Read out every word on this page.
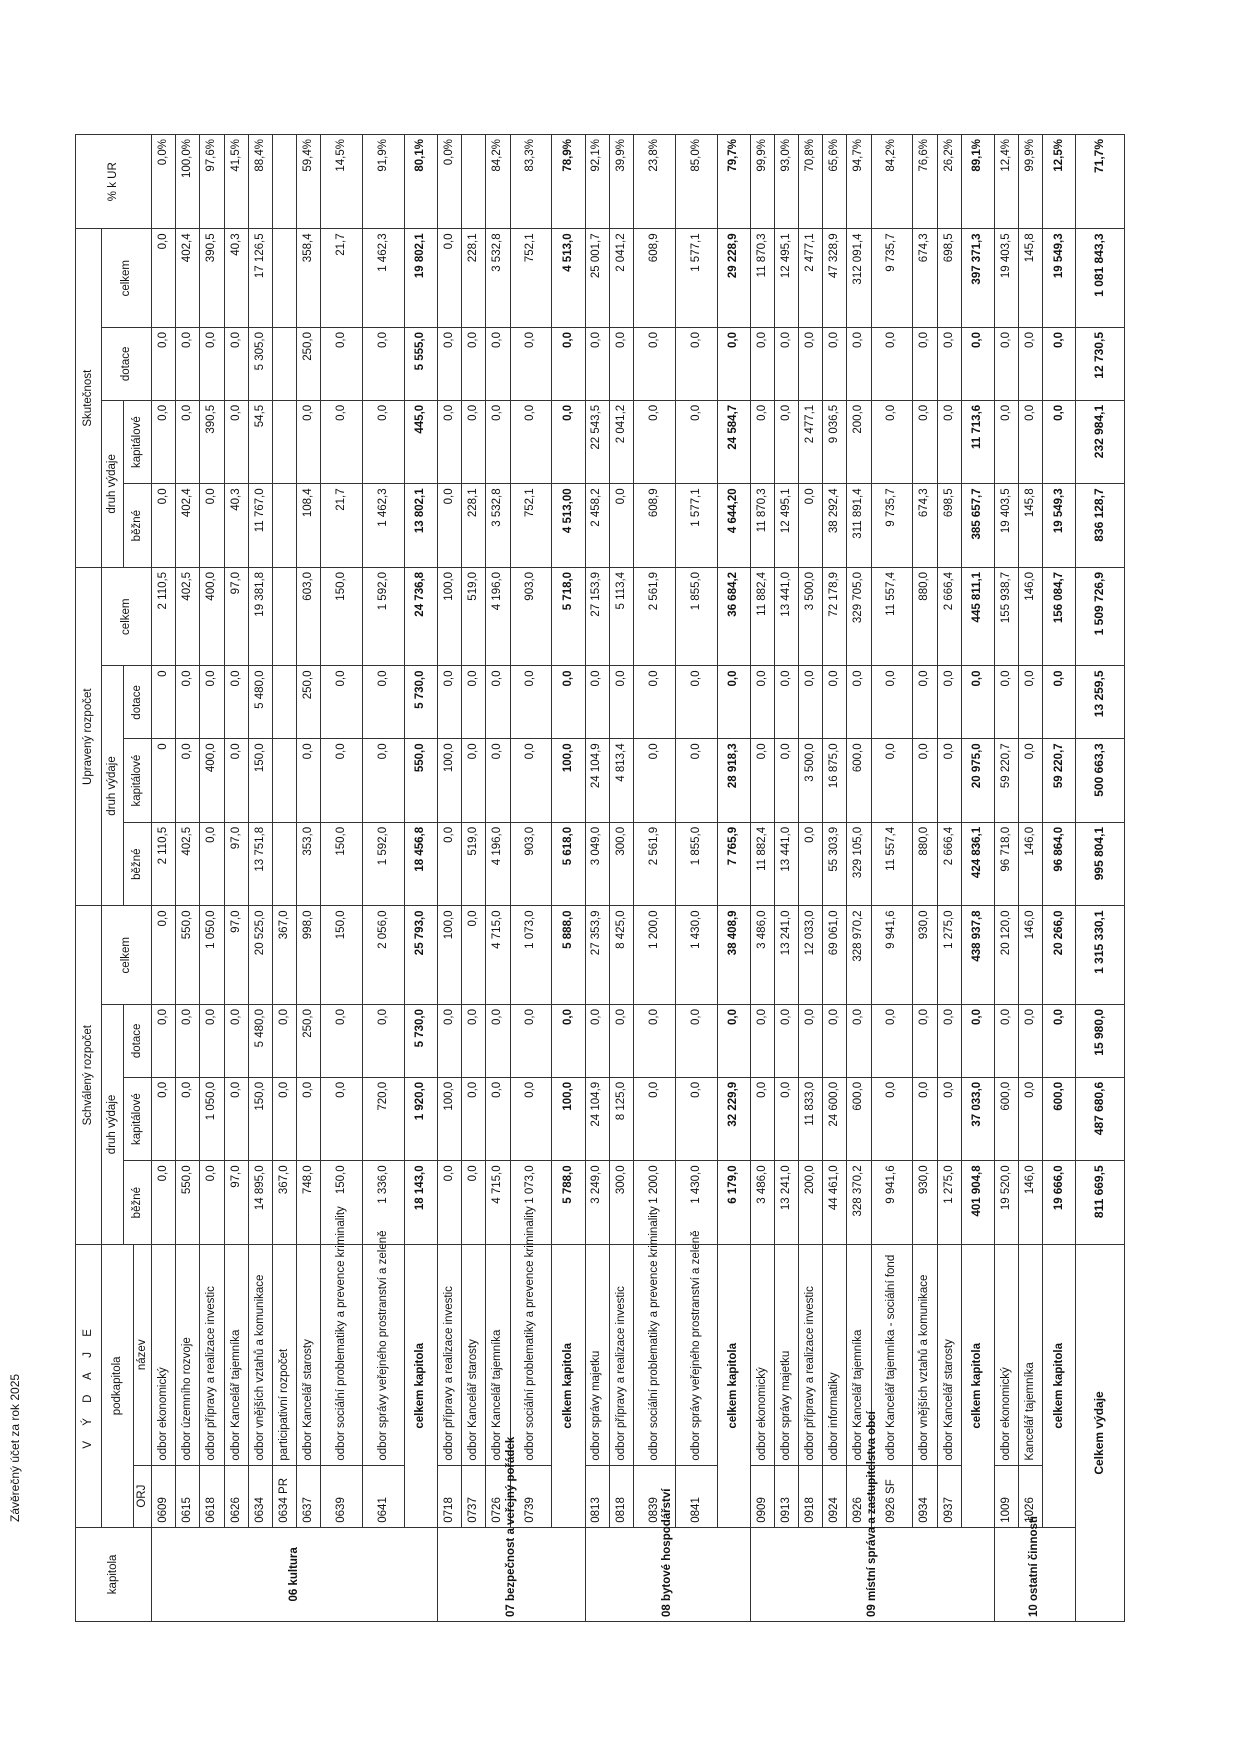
kapitola	V Ý D A J E		Schválený rozpočet				Upravený rozpočet				Skutečnost				% k UR
	podkapitola		druh výdaje			celkem	druh výdaje			celkem	druh výdaje		dotace	celkem	
			běžné	kapitálové	dotace		běžné	kapitálové	dotace		běžné	kapitálové			
	ORJ	název													
06 kultura	0609	odbor ekonomický	0,0	0,0	0,0	0,0	2 110,5	0	0	2 110,5	0,0	0,0	0,0	0,0	0,0%
	0615	odbor územního rozvoje	550,0	0,0	0,0	550,0	402,5	0,0	0,0	402,5	402,4	0,0	0,0	402,4	100,0%
	0618	odbor přípravy a realizace investic	0,0	1 050,0	0,0	1 050,0	0,0	400,0	0,0	400,0	0,0	390,5	0,0	390,5	97,6%
	0626	odbor Kancelář tajemníka	97,0	0,0	0,0	97,0	97,0	0,0	0,0	97,0	40,3	0,0	0,0	40,3	41,5%
	0634	odbor vnějších vztahů a komunikace	14 895,0	150,0	5 480,0	20 525,0	13 751,8	150,0	5 480,0	19 381,8	11 767,0	54,5	5 305,0	17 126,5	88,4%
	0634 PR	participativní rozpočet	367,0	0,0	0,0	367,0									
	0637	odbor Kancelář starosty	748,0	0,0	250,0	998,0	353,0	0,0	250,0	603,0	108,4	0,0	250,0	358,4	59,4%
	0639	odbor sociální problematiky a prevence kriminality	150,0	0,0	0,0	150,0	150,0	0,0	0,0	150,0	21,7	0,0	0,0	21,7	14,5%
	0641	odbor správy veřejného prostranství a zeleně	1 336,0	720,0	0,0	2 056,0	1 592,0	0,0	0,0	1 592,0	1 462,3	0,0	0,0	1 462,3	91,9%
	celkem kapitola		18 143,0	1 920,0	5 730,0	25 793,0	18 456,8	550,0	5 730,0	24 736,8	13 802,1	445,0	5 555,0	19 802,1	80,1%
07 bezpečnost a veřejný pořádek	0718	odbor přípravy a realizace investic	0,0	100,0	0,0	100,0	0,0	100,0	0,0	100,0	0,0	0,0	0,0	0,0	0,0%
	0737	odbor Kancelář starosty	0,0	0,0	0,0	0,0	519,0	0,0	0,0	519,0	228,1	0,0	0,0	228,1	
	0726	odbor Kancelář tajemníka	4 715,0	0,0	0,0	4 715,0	4 196,0	0,0	0,0	4 196,0	3 532,8	0,0	0,0	3 532,8	84,2%
	0739	odbor sociální problematiky a prevence kriminality	1 073,0	0,0	0,0	1 073,0	903,0	0,0	0,0	903,0	752,1	0,0	0,0	752,1	83,3%
	celkem kapitola		5 788,0	100,0	0,0	5 888,0	5 618,0	100,0	0,0	5 718,0	4 513,00	0,0	0,0	4 513,0	78,9%
08 bytové hospodářství	0813	odbor správy majetku	3 249,0	24 104,9	0,0	27 353,9	3 049,0	24 104,9	0,0	27 153,9	2 458,2	22 543,5	0,0	25 001,7	92,1%
	0818	odbor přípravy a realizace investic	300,0	8 125,0	0,0	8 425,0	300,0	4 813,4	0,0	5 113,4	0,0	2 041,2	0,0	2 041,2	39,9%
	0839	odbor sociální problematiky a prevence kriminality	1 200,0	0,0	0,0	1 200,0	2 561,9	0,0	0,0	2 561,9	608,9	0,0	0,0	608,9	23,8%
	0841	odbor správy veřejného prostranství a zeleně	1 430,0	0,0	0,0	1 430,0	1 855,0	0,0	0,0	1 855,0	1 577,1	0,0	0,0	1 577,1	85,0%
	celkem kapitola		6 179,0	32 229,9	0,0	38 408,9	7 765,9	28 918,3	0,0	36 684,2	4 644,20	24 584,7	0,0	29 228,9	79,7%
09 místní správa a zastupitelstva obcí	0909	odbor ekonomický	3 486,0	0,0	0,0	3 486,0	11 882,4	0,0	0,0	11 882,4	11 870,3	0,0	0,0	11 870,3	99,9%
	0913	odbor správy majetku	13 241,0	0,0	0,0	13 241,0	13 441,0	0,0	0,0	13 441,0	12 495,1	0,0	0,0	12 495,1	93,0%
	0918	odbor přípravy a realizace investic	200,0	11 833,0	0,0	12 033,0	0,0	3 500,0	0,0	3 500,0	0,0	2 477,1	0,0	2 477,1	70,8%
	0924	odbor informatiky	44 461,0	24 600,0	0,0	69 061,0	55 303,9	16 875,0	0,0	72 178,9	38 292,4	9 036,5	0,0	47 328,9	65,6%
	0926	odbor Kancelář tajemníka	328 370,2	600,0	0,0	328 970,2	329 105,0	600,0	0,0	329 705,0	311 891,4	200,0	0,0	312 091,4	94,7%
	0926 SF	odbor Kancelář tajemníka - sociální fond	9 941,6	0,0	0,0	9 941,6	11 557,4	0,0	0,0	11 557,4	9 735,7	0,0	0,0	9 735,7	84,2%
	0934	odbor vnějších vztahů a komunikace	930,0	0,0	0,0	930,0	880,0	0,0	0,0	880,0	674,3	0,0	0,0	674,3	76,6%
	0937	odbor Kancelář starosty	1 275,0	0,0	0,0	1 275,0	2 666,4	0,0	0,0	2 666,4	698,5	0,0	0,0	698,5	26,2%
	celkem kapitola		401 904,8	37 033,0	0,0	438 937,8	424 836,1	20 975,0	0,0	445 811,1	385 657,7	11 713,6	0,0	397 371,3	89,1%
10 ostatní činnosti	1009	odbor ekonomický	19 520,0	600,0	0,0	20 120,0	96 718,0	59 220,7	0,0	155 938,7	19 403,5	0,0	0,0	19 403,5	12,4%
	1026	Kancelář tajemníka	146,0	0,0	0,0	146,0	146,0	0,0	0,0	146,0	145,8	0,0	0,0	145,8	99,9%
	celkem kapitola		19 666,0	600,0	0,0	20 266,0	96 864,0	59 220,7	0,0	156 084,7	19 549,3	0,0	0,0	19 549,3	12,5%
Celkem výdaje			811 669,5	487 680,6	15 980,0	1 315 330,1	995 804,1	500 663,3	13 259,5	1 509 726,9	836 128,7	232 984,1	12 730,5	1 081 843,3	71,7%
Závěrečný účet za rok 2025
